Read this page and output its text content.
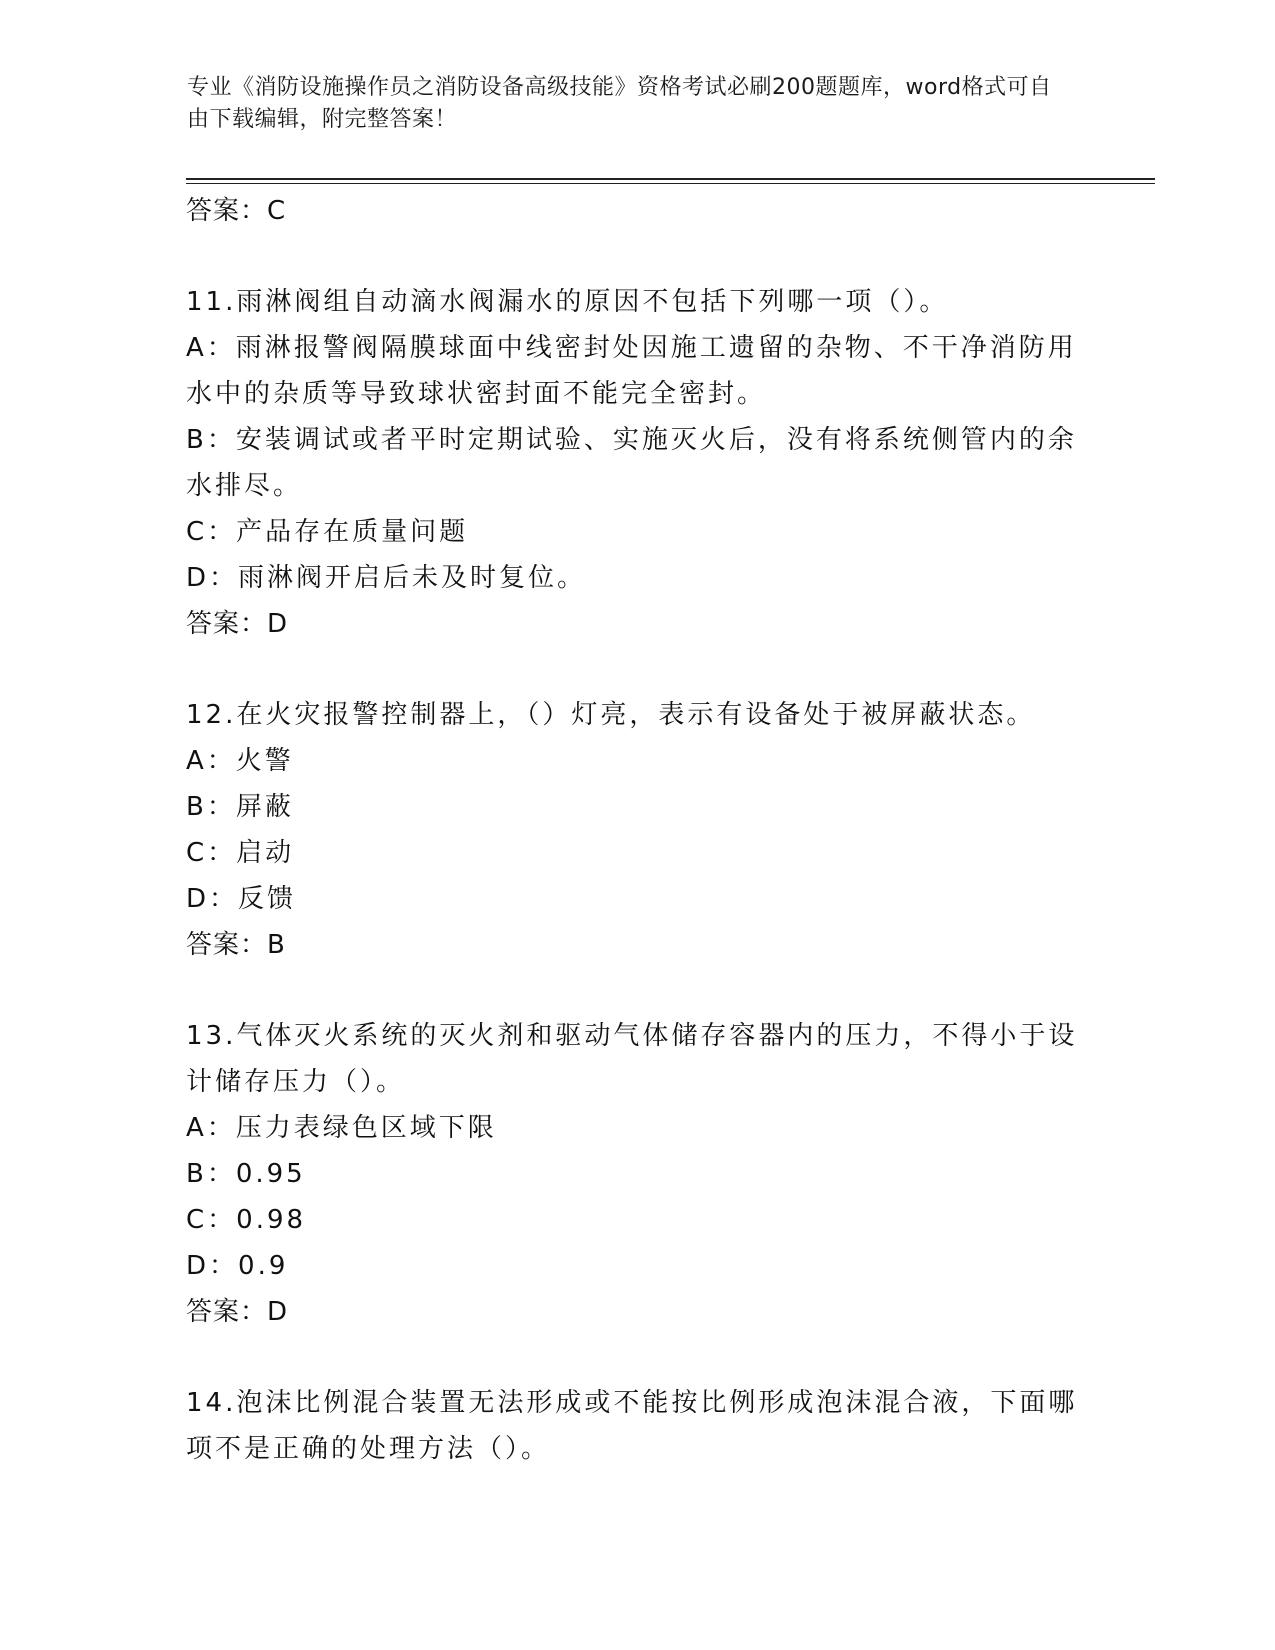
专业《消防设施操作员之消防设备高级技能》资格考试必刷200题题库，word格式可自由下载编辑，附完整答案！
答案：C
11.雨淋阀组自动滴水阀漏水的原因不包括下列哪一项（）。
A：雨淋报警阀隔膜球面中线密封处因施工遗留的杂物、不干净消防用
水中的杂质等导致球状密封面不能完全密封。
B：安装调试或者平时定期试验、实施灭火后，没有将系统侧管内的余
水排尽。
C：产品存在质量问题
D：雨淋阀开启后未及时复位。
答案：D
12.在火灾报警控制器上，（）灯亮，表示有设备处于被屏蔽状态。
A：火警
B：屏蔽
C：启动
D：反馈
答案：B
13.气体灭火系统的灭火剂和驱动气体储存容器内的压力，不得小于设
计储存压力（）。
A：压力表绿色区域下限
B：0.95
C：0.98
D：0.9
答案：D
14.泡沫比例混合装置无法形成或不能按比例形成泡沫混合液，下面哪
项不是正确的处理方法（）。
